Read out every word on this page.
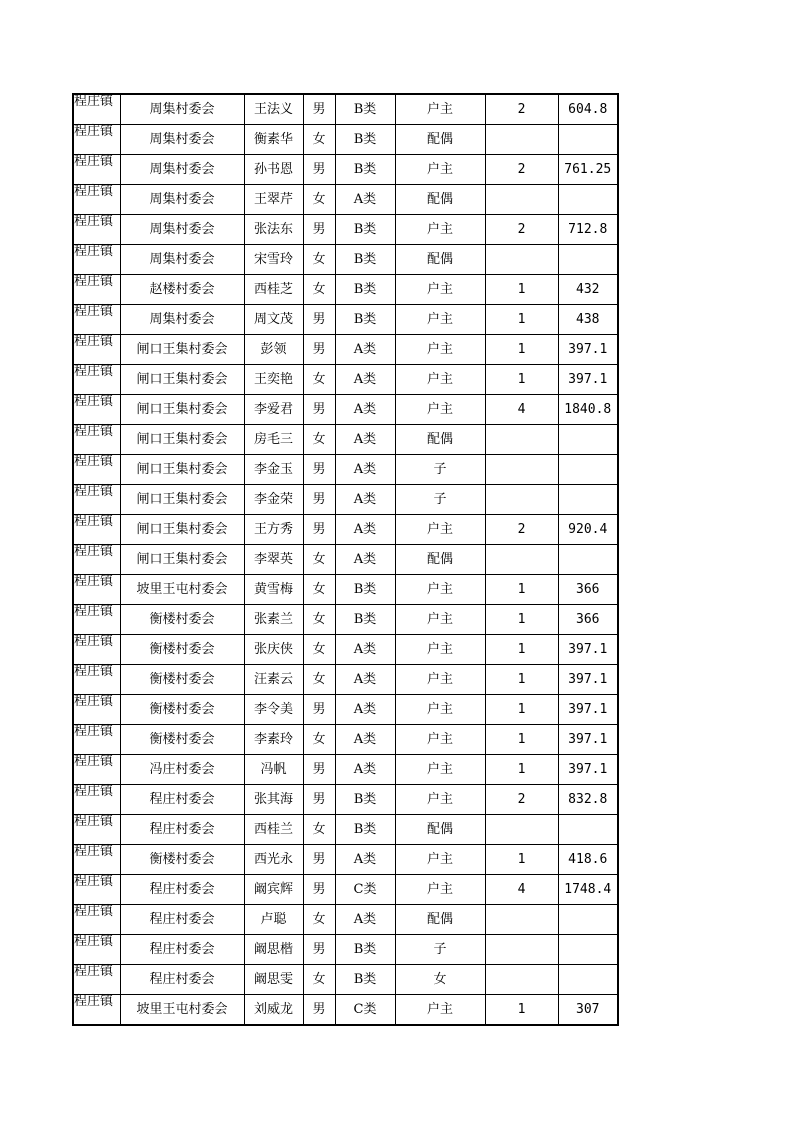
程庄镇	周集村委会	王法义	男	B类	户主	2	604.8

程庄镇	周集村委会	衡素华	女	B类	配偶		

程庄镇	周集村委会	孙书恩	男	B类	户主	2	761.25

程庄镇	周集村委会	王翠芹	女	A类	配偶		

程庄镇	周集村委会	张法东	男	B类	户主	2	712.8

程庄镇	周集村委会	宋雪玲	女	B类	配偶		

程庄镇	赵楼村委会	西桂芝	女	B类	户主	1	432

程庄镇	周集村委会	周文茂	男	B类	户主	1	438

程庄镇	闸口王集村委会	彭领	男	A类	户主	1	397.1

程庄镇	闸口王集村委会	王奕艳	女	A类	户主	1	397.1

程庄镇	闸口王集村委会	李爱君	男	A类	户主	4	1840.8

程庄镇	闸口王集村委会	房毛三	女	A类	配偶		

程庄镇	闸口王集村委会	李金玉	男	A类	子		

程庄镇	闸口王集村委会	李金荣	男	A类	子		

程庄镇	闸口王集村委会	王方秀	男	A类	户主	2	920.4

程庄镇	闸口王集村委会	李翠英	女	A类	配偶		

程庄镇	坡里王屯村委会	黄雪梅	女	B类	户主	1	366

程庄镇	衡楼村委会	张素兰	女	B类	户主	1	366

程庄镇	衡楼村委会	张庆侠	女	A类	户主	1	397.1

程庄镇	衡楼村委会	汪素云	女	A类	户主	1	397.1

程庄镇	衡楼村委会	李令美	男	A类	户主	1	397.1

程庄镇	衡楼村委会	李素玲	女	A类	户主	1	397.1

程庄镇	冯庄村委会	冯帆	男	A类	户主	1	397.1

程庄镇	程庄村委会	张其海	男	B类	户主	2	832.8

程庄镇	程庄村委会	西桂兰	女	B类	配偶		

程庄镇	衡楼村委会	西光永	男	A类	户主	1	418.6

程庄镇	程庄村委会	阚宾辉	男	C类	户主	4	1748.4

程庄镇	程庄村委会	卢聪	女	A类	配偶		

程庄镇	程庄村委会	阚思楷	男	B类	子		

程庄镇	程庄村委会	阚思雯	女	B类	女		

程庄镇	坡里王屯村委会	刘威龙	男	C类	户主	1	307
